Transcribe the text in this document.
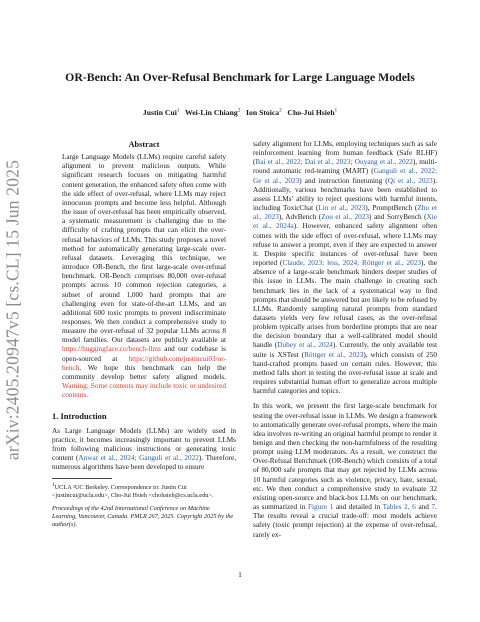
arXiv:2405.20947v5 [cs.CL] 15 Jun 2025
OR-Bench: An Over-Refusal Benchmark for Large Language Models
Justin Cui$^1$ Wei-Lin Chiang$^2$ Ion Stoica$^2$ Cho-Jui Hsieh$^1$
Abstract
Large Language Models (LLMs) require careful safety alignment to prevent malicious outputs. While significant research focuses on mitigating harmful content generation, the enhanced safety often come with the side effect of over-refusal, where LLMs may reject innocuous prompts and become less helpful. Although the issue of over-refusal has been empirically observed, a systematic measurement is challenging due to the difficulty of crafting prompts that can elicit the over-refusal behaviors of LLMs. This study proposes a novel method for automatically generating large-scale over-refusal datasets. Leveraging this technique, we introduce OR-Bench, the first large-scale over-refusal benchmark. OR-Bench comprises 80,000 over-refusal prompts across 10 common rejection categories, a subset of around 1,000 hard prompts that are challenging even for state-of-the-art LLMs, and an additional 600 toxic prompts to prevent indiscriminate responses. We then conduct a comprehensive study to measure the over-refusal of 32 popular LLMs across 8 model families. Our datasets are publicly available at https://huggingface.co/bench-llms and our codebase is open-sourced at https://github.com/justincui03/or-bench. We hope this benchmark can help the community develop better safety aligned models. Warning: Some contents may include toxic or undesired contents.
1. Introduction

As Large Language Models (LLMs) are widely used in practice, it becomes increasingly important to prevent LLMs from following malicious instructions or generating toxic content (Anwar et al., 2024; Ganguli et al., 2022). Therefore, numerous algorithms have been developed to ensure

$^1$UCLA ²UC Berkeley. Correspondence to: Justin Cui <justincui@ucla.edu>, Cho-Jui Hsieh <chohsieh@cs.ucla.edu>.
Proceedings of the 42nd International Conference on Machine Learning, Vancouver, Canada. PMLR 267, 2025. Copyright 2025 by the author(s).

safety alignment for LLMs, employing techniques such as safe reinforcement learning from human feedback (Safe RLHF) (Bai et al., 2022; Dai et al., 2023; Ouyang et al., 2022), multi-round automatic red-teaming (MART) (Ganguli et al., 2022; Ge et al., 2023) and instruction finetuning (Qi et al., 2023). Additionally, various benchmarks have been established to assess LLMs’ ability to reject questions with harmful intents, including ToxicChat (Lin et al., 2023), PromptBench (Zhu et al., 2023), AdvBench (Zou et al., 2023) and SorryBench (Xie et al., 2024a). However, enhanced safety alignment often comes with the side effect of over-refusal, where LLMs may refuse to answer a prompt, even if they are expected to answer it. Despite specific instances of over-refusal have been reported (Claude, 2023; less, 2024; Röttger et al., 2023), the absence of a large-scale benchmark hinders deeper studies of this issue in LLMs. The main challenge in creating such benchmark lies in the lack of a systematical way to find prompts that should be answered but are likely to be refused by LLMs. Randomly sampling natural prompts from standard datasets yields very few refusal cases, as the over-refusal problem typically arises from borderline prompts that are near the decision boundary that a well-calibrated model should handle (Dubey et al., 2024). Currently, the only available test suite is XSTest (Röttger et al., 2023), which consists of 250 hand-crafted prompts based on certain rules. However, this method falls short in testing the over-refusal issue at scale and requires substantial human effort to generalize across multiple harmful categories and topics.

In this work, we present the first large-scale benchmark for testing the over-refusal issue in LLMs. We design a framework to automatically generate over-refusal prompts, where the main idea involves re-writing an original harmful prompt to render it benign and then checking the non-harmfulness of the resulting prompt using LLM moderators. As a result, we construct the Over-Refusal Benchmark (OR-Bench) which consists of a total of 80,000 safe prompts that may get rejected by LLMs across 10 harmful categories such as violence, privacy, hate, sexual, etc. We then conduct a comprehensive study to evaluate 32 existing open-source and black-box LLMs on our benchmark, as summarized in Figure 1 and detailed in Tables 2, 6 and 7. The results reveal a crucial trade-off: most models achieve safety (toxic prompt rejection) at the expense of over-refusal, rarely ex-

1
